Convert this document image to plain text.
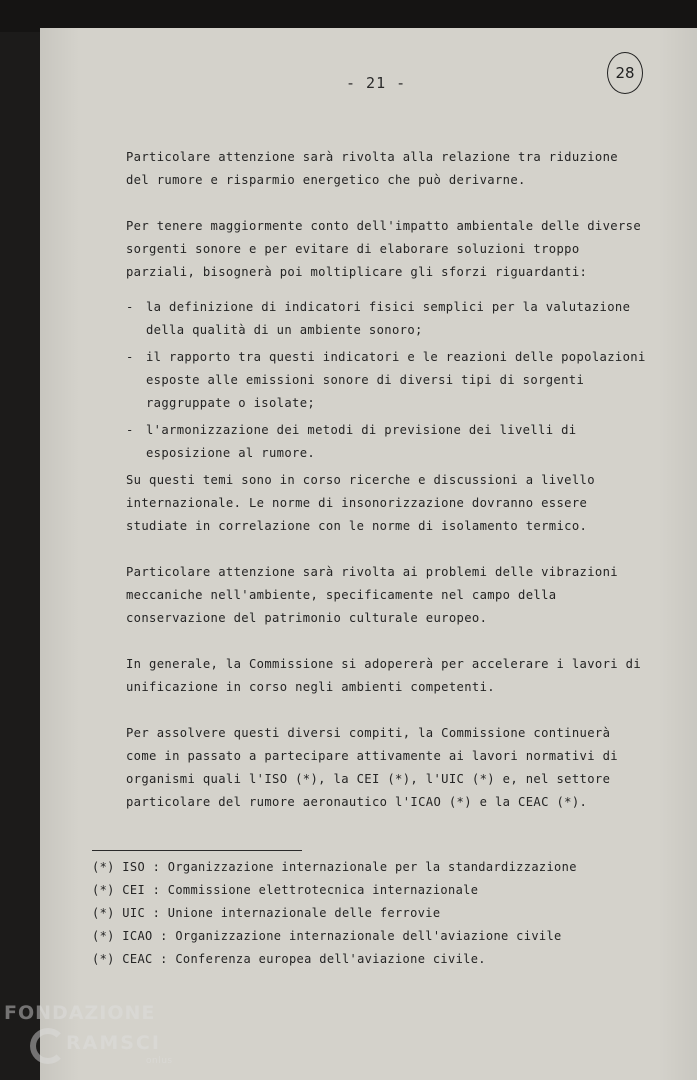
- 21 -
28

Particolare attenzione sarà rivolta alla relazione tra riduzione del rumore e risparmio energetico che può derivarne.

Per tenere maggiormente conto dell'impatto ambientale delle diverse sorgenti sonore e per evitare di elaborare soluzioni troppo parziali, bisognerà poi moltiplicare gli sforzi riguardanti:

- la definizione di indicatori fisici semplici per la valutazione della qualità di un ambiente sonoro;
- il rapporto tra questi indicatori e le reazioni delle popolazioni esposte alle emissioni sonore di diversi tipi di sorgenti raggruppate o isolate;
- l'armonizzazione dei metodi di previsione dei livelli di esposizione al rumore.

Su questi temi sono in corso ricerche e discussioni a livello internazionale. Le norme di insonorizzazione dovranno essere studiate in correlazione con le norme di isolamento termico.

Particolare attenzione sarà rivolta ai problemi delle vibrazioni meccaniche nell'ambiente, specificamente nel campo della conservazione del patrimonio culturale europeo.

In generale, la Commissione si adopererà per accelerare i lavori di unificazione in corso negli ambienti competenti.

Per assolvere questi diversi compiti, la Commissione continuerà come in passato a partecipare attivamente ai lavori normativi di organismi quali l'ISO (*), la CEI (*), l'UIC (*) e, nel settore particolare del rumore aeronautico l'ICAO (*) e la CEAC (*).

(*) ISO : Organizzazione internazionale per la standardizzazione
(*) CEI : Commissione elettrotecnica internazionale
(*) UIC : Unione internazionale delle ferrovie
(*) ICAO : Organizzazione internazionale dell'aviazione civile
(*) CEAC : Conferenza europea dell'aviazione civile.
FONDAZIONE
RAMSCI
onlus
